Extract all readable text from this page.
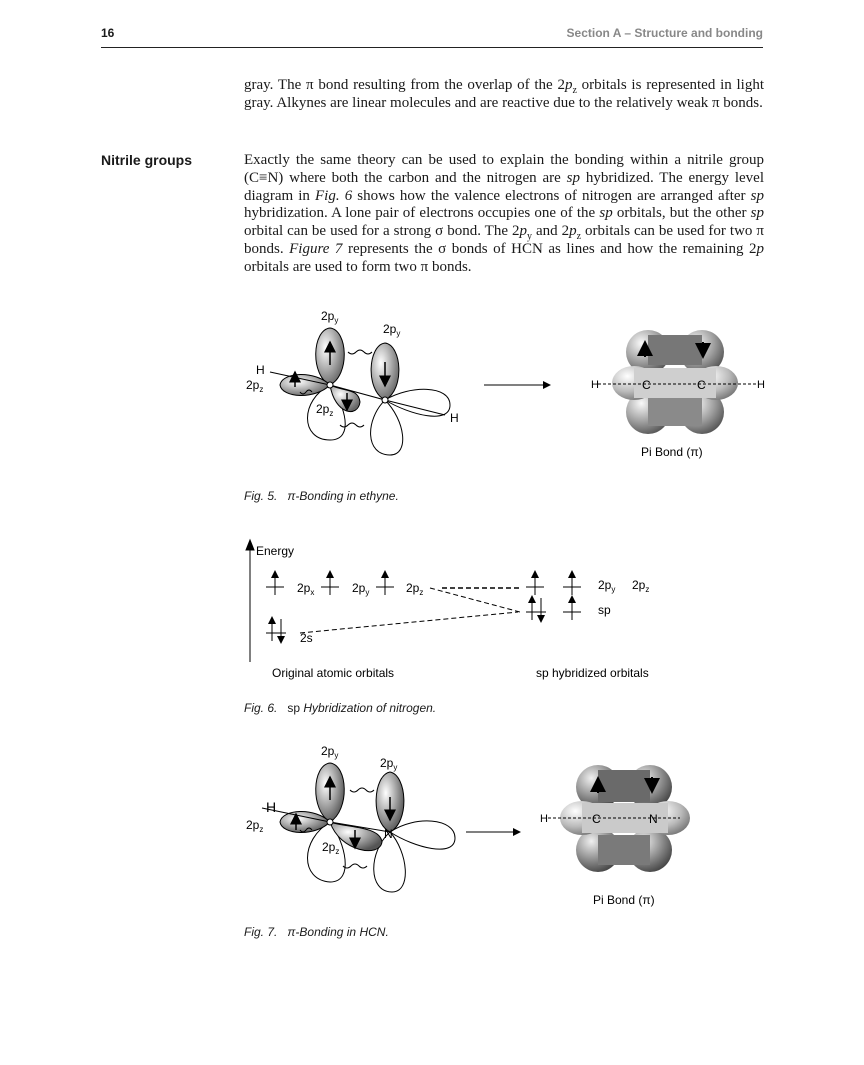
16	Section A – Structure and bonding

gray. The π bond resulting from the overlap of the $2p_z$ orbitals is represented in light gray. Alkynes are linear molecules and are reactive due to the relatively weak π bonds.

Nitrile groups	Exactly the same theory can be used to explain the bonding within a nitrile group (C≡N) where both the carbon and the nitrogen are sp hybridized. The energy level diagram in Fig. 6 shows how the valence electrons of nitrogen are arranged after sp hybridization. A lone pair of electrons occupies one of the sp orbitals, but the other sp orbital can be used for a strong σ bond. The $2p_y$ and $2p_z$ orbitals can be used for two π bonds. Figure 7 represents the σ bonds of HCN as lines and how the remaining 2p orbitals are used to form two π bonds.

$2p_y$
$2p_y$
$2p_z$
$2p_z$
H
H
H	C	C	H
Pi Bond (π)
Fig. 5. π-Bonding in ethyne.
Energy
$2p_x$	$2p_y$	$2p_z$
2s
$2p_y$ $2p_z$
sp
Original atomic orbitals	sp hybridized orbitals
Fig. 6. sp Hybridization of nitrogen.
$2p_y$
$2p_y$
$2p_z$
$2p_z$
H
N
H	C	N
Pi Bond (π)
Fig. 7. π-Bonding in HCN.
